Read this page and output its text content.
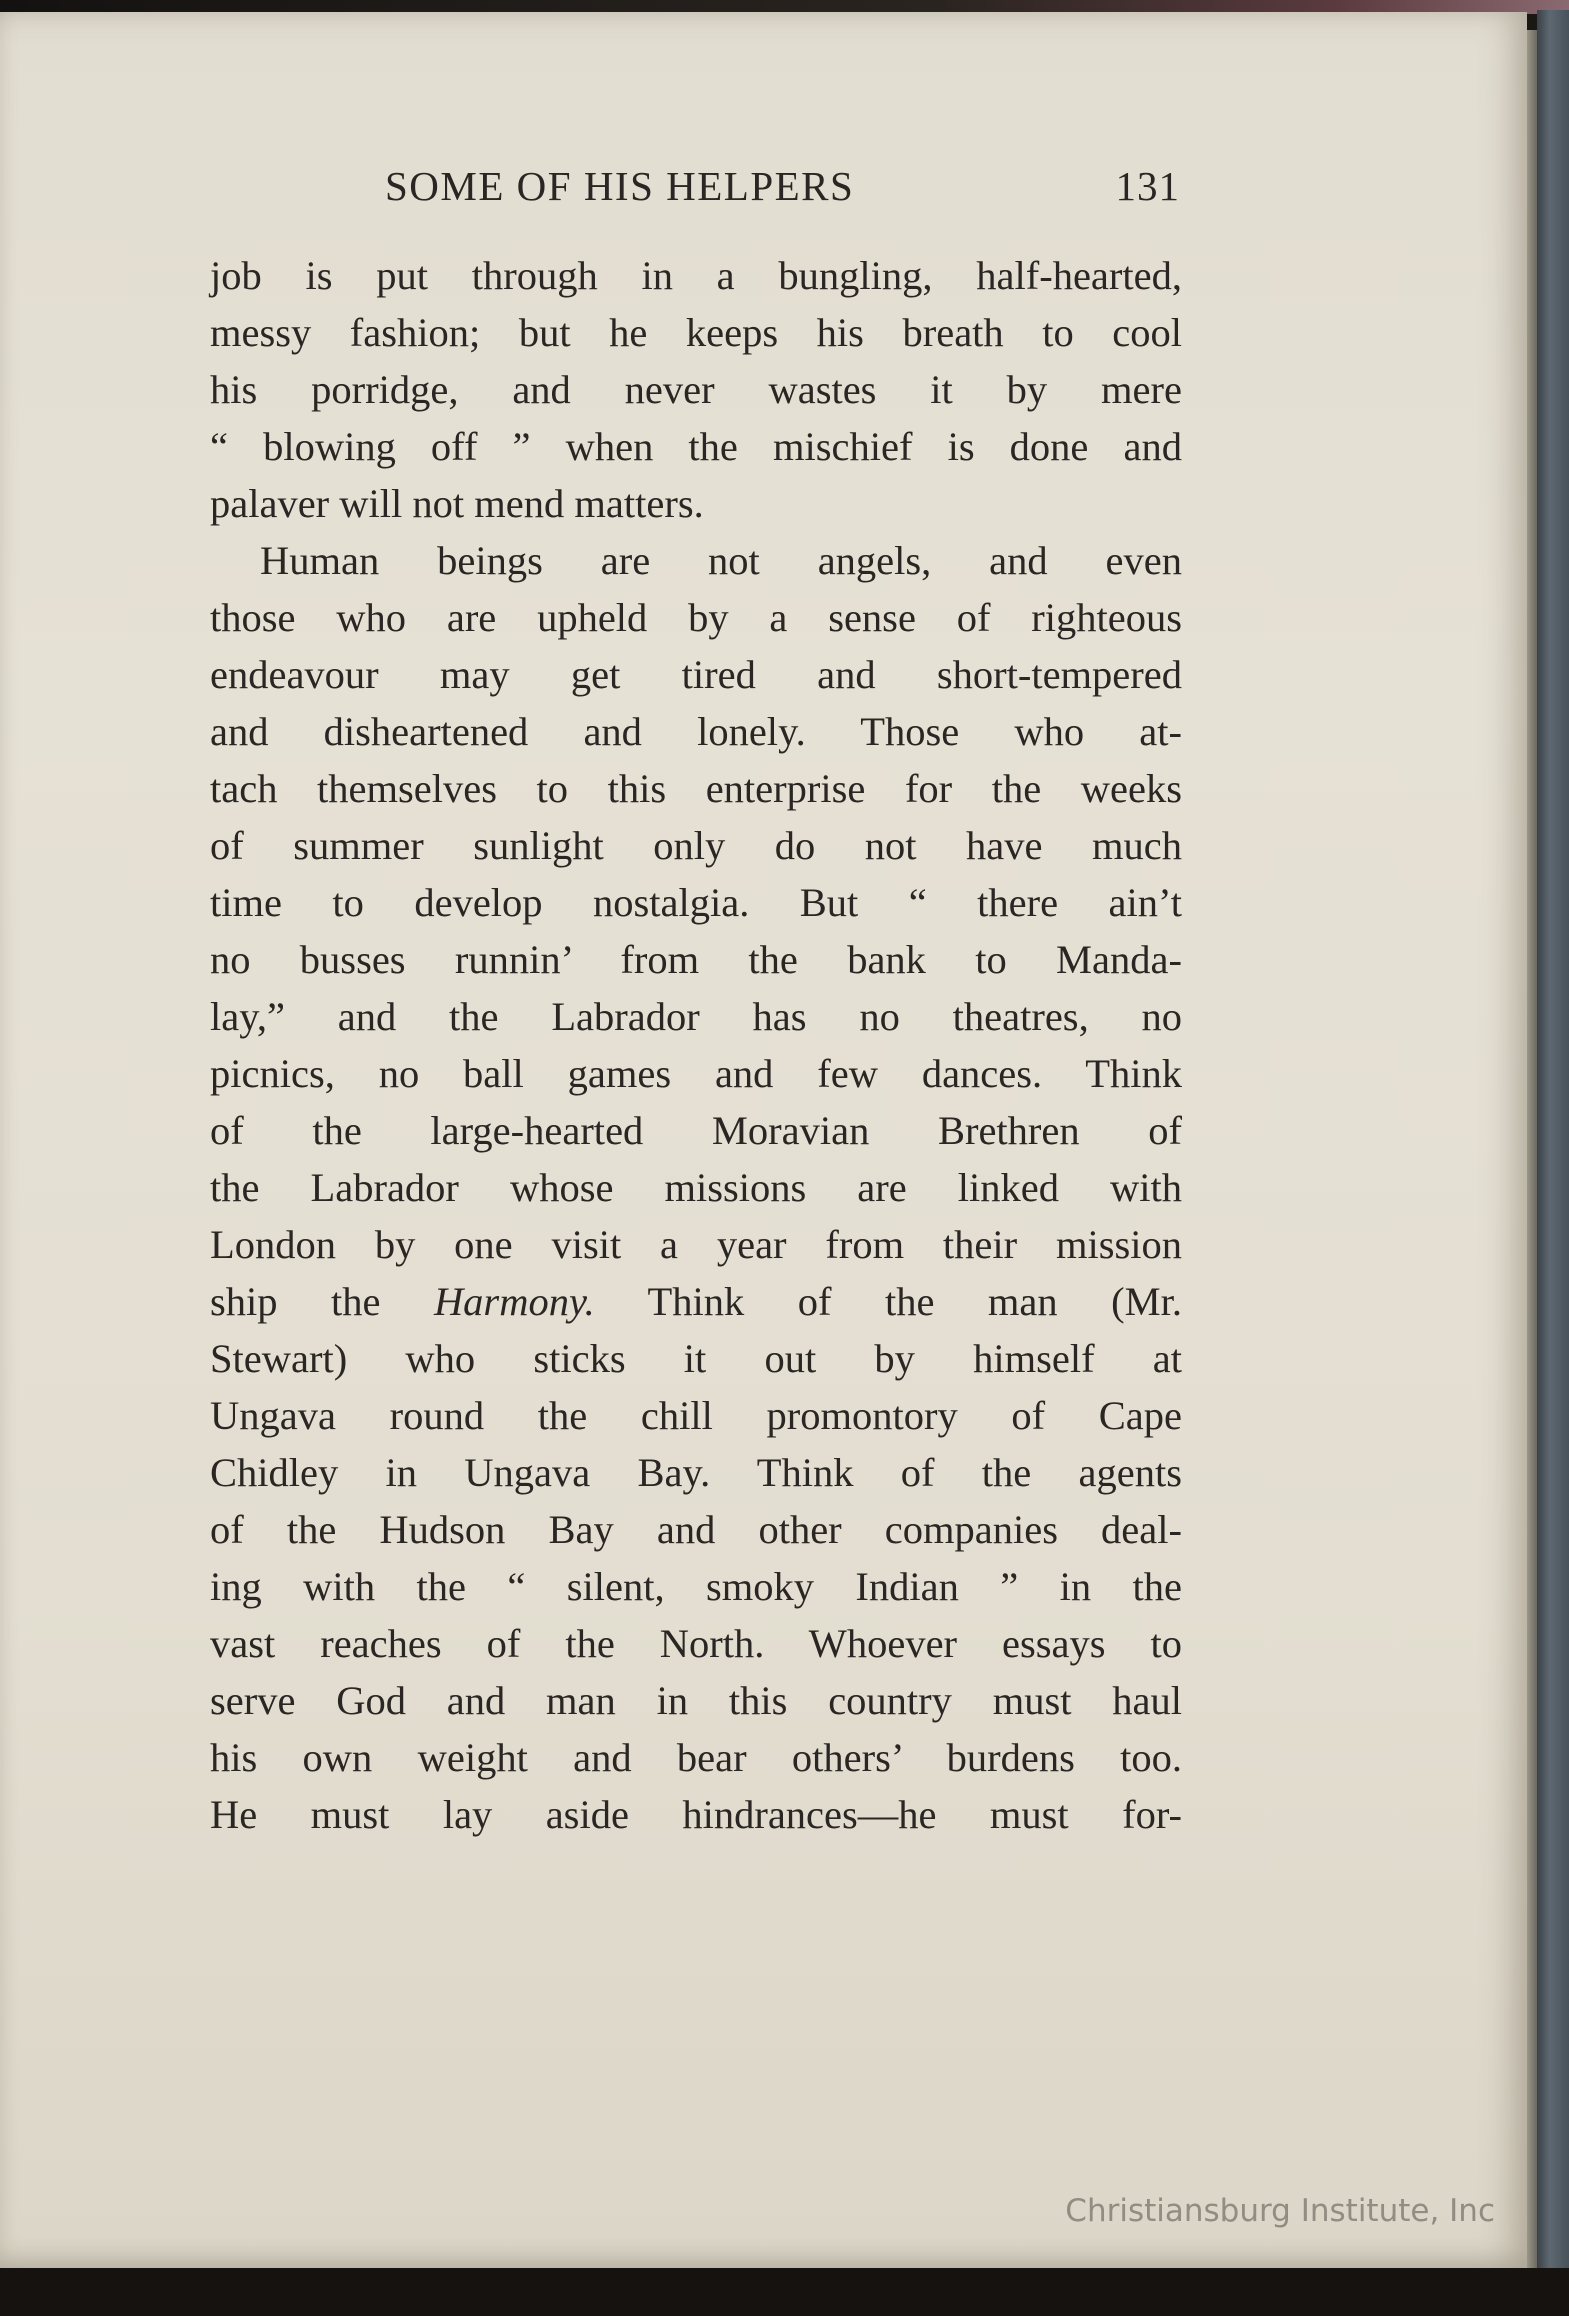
SOME OF HIS HELPERS	131
job is put through in a bungling, half-hearted,
messy fashion; but he keeps his breath to cool
his porridge, and never wastes it by mere
“ blowing off ” when the mischief is done and
palaver will not mend matters.
Human beings are not angels, and even
those who are upheld by a sense of righteous
endeavour may get tired and short-tempered
and disheartened and lonely. Those who at-
tach themselves to this enterprise for the weeks
of summer sunlight only do not have much
time to develop nostalgia. But “ there ain’t
no busses runnin’ from the bank to Manda-
lay,” and the Labrador has no theatres, no
picnics, no ball games and few dances. Think
of the large-hearted Moravian Brethren of
the Labrador whose missions are linked with
London by one visit a year from their mission
ship the Harmony. Think of the man (Mr.
Stewart) who sticks it out by himself at
Ungava round the chill promontory of Cape
Chidley in Ungava Bay. Think of the agents
of the Hudson Bay and other companies deal-
ing with the “ silent, smoky Indian ” in the
vast reaches of the North. Whoever essays to
serve God and man in this country must haul
his own weight and bear others’ burdens too.
He must lay aside hindrances—he must for-
Christiansburg Institute, Inc
